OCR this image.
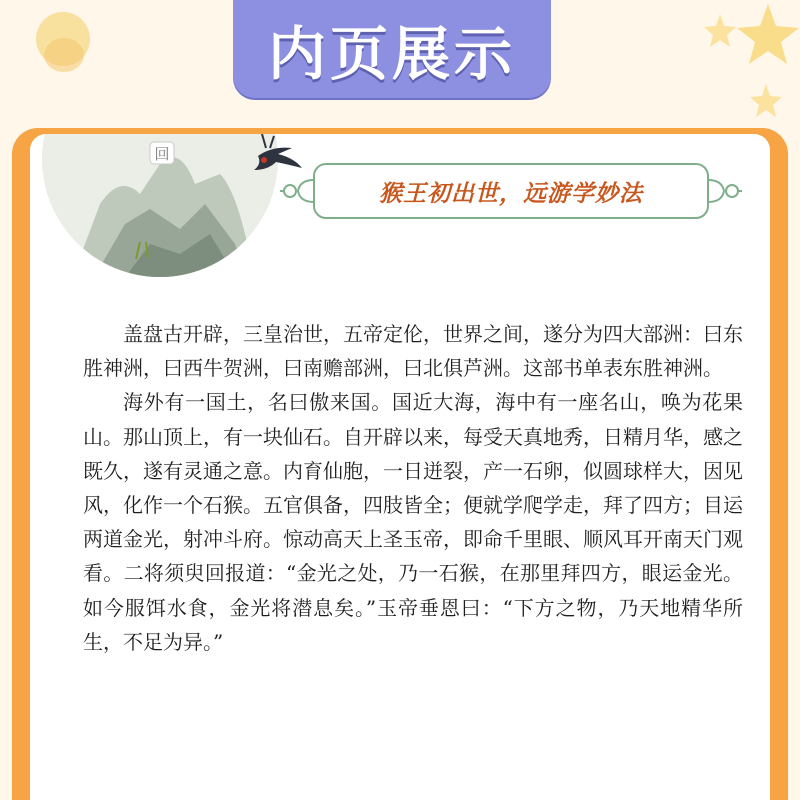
内页展示
回
猴王初出世，远游学妙法

盖盘古开辟，三皇治世，五帝定伦，世界之间，遂分为四大部洲：曰东胜神洲，曰西牛贺洲，曰南赡部洲，曰北俱芦洲。这部书单表东胜神洲。

海外有一国土，名曰傲来国。国近大海，海中有一座名山，唤为花果山。那山顶上，有一块仙石。自开辟以来，每受天真地秀，日精月华，感之既久，遂有灵通之意。内育仙胞，一日迸裂，产一石卵，似圆球样大，因见风，化作一个石猴。五官俱备，四肢皆全；便就学爬学走，拜了四方；目运两道金光，射冲斗府。惊动高天上圣玉帝，即命千里眼、顺风耳开南天门观看。二将须臾回报道：“金光之处，乃一石猴，在那里拜四方，眼运金光。如今服饵水食，金光将潜息矣。”玉帝垂恩曰：“下方之物，乃天地精华所生，不足为异。”
